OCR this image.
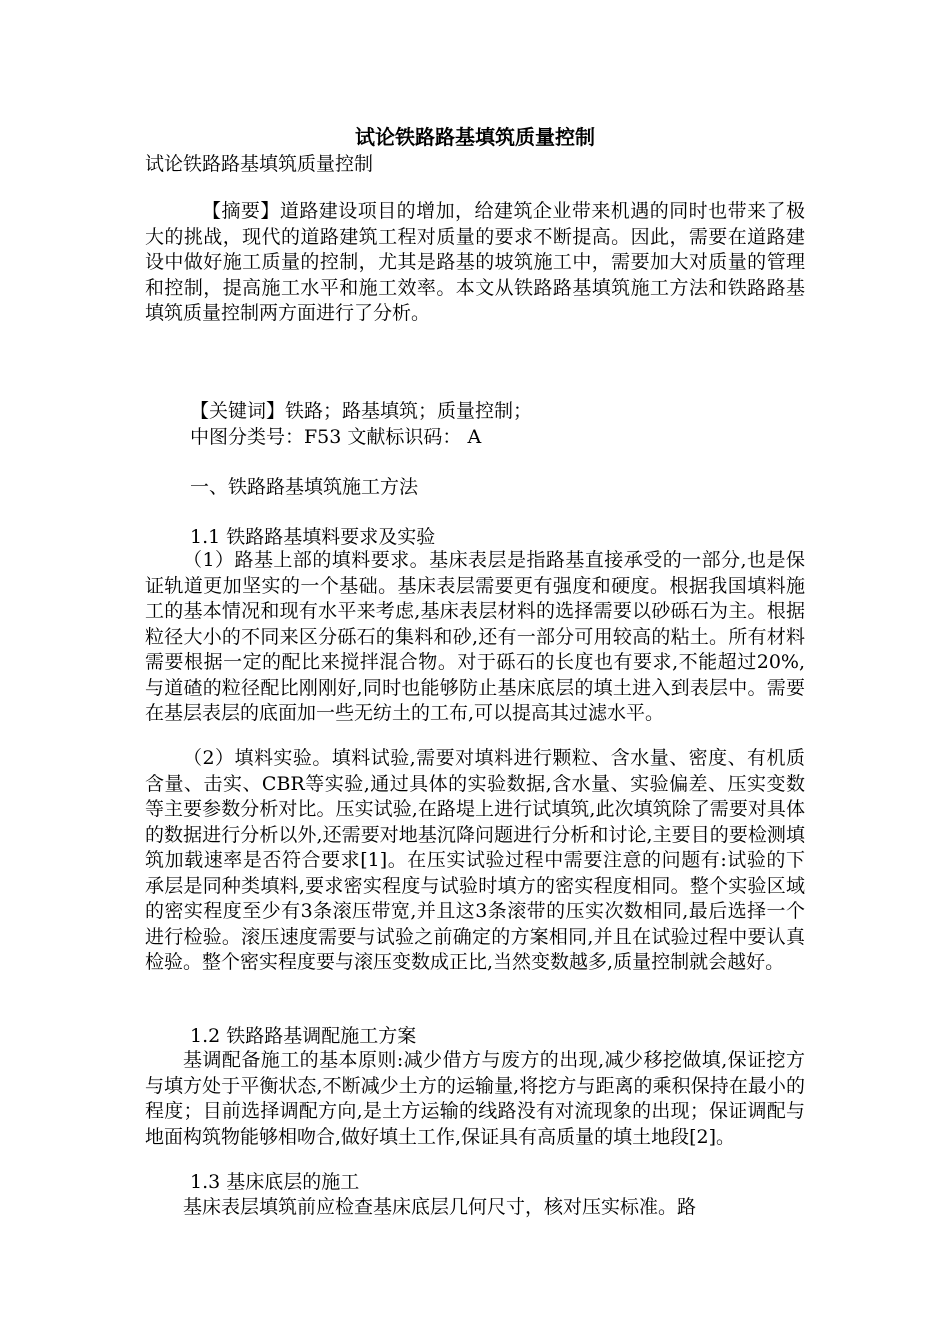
试论铁路路基填筑质量控制
试论铁路路基填筑质量控制
【摘要】道路建设项目的增加，给建筑企业带来机遇的同时也带来了极大的挑战，现代的道路建筑工程对质量的要求不断提高。因此，需要在道路建设中做好施工质量的控制，尤其是路基的坡筑施工中，需要加大对质量的管理和控制，提高施工水平和施工效率。本文从铁路路基填筑施工方法和铁路路基填筑质量控制两方面进行了分析。
【关键词】铁路；路基填筑；质量控制；
中图分类号：F53 文献标识码： A
一、铁路路基填筑施工方法
1.1 铁路路基填料要求及实验
（1）路基上部的填料要求。基床表层是指路基直接承受的一部分,也是保证轨道更加坚实的一个基础。基床表层需要更有强度和硬度。根据我国填料施工的基本情况和现有水平来考虑,基床表层材料的选择需要以砂砾石为主。根据粒径大小的不同来区分砾石的集料和砂,还有一部分可用较高的粘土。所有材料需要根据一定的配比来搅拌混合物。对于砾石的长度也有要求,不能超过20%,与道碴的粒径配比刚刚好,同时也能够防止基床底层的填土进入到表层中。需要在基层表层的底面加一些无纺土的工布,可以提高其过滤水平。
（2）填料实验。填料试验,需要对填料进行颗粒、含水量、密度、有机质含量、击实、CBR等实验,通过具体的实验数据,含水量、实验偏差、压实变数等主要参数分析对比。压实试验,在路堤上进行试填筑,此次填筑除了需要对具体的数据进行分析以外,还需要对地基沉降问题进行分析和讨论,主要目的要检测填筑加载速率是否符合要求[1]。在压实试验过程中需要注意的问题有:试验的下承层是同种类填料,要求密实程度与试验时填方的密实程度相同。整个实验区域的密实程度至少有3条滚压带宽,并且这3条滚带的压实次数相同,最后选择一个进行检验。滚压速度需要与试验之前确定的方案相同,并且在试验过程中要认真检验。整个密实程度要与滚压变数成正比,当然变数越多,质量控制就会越好。
1.2 铁路路基调配施工方案
基调配备施工的基本原则:减少借方与废方的出现,减少移挖做填,保证挖方与填方处于平衡状态,不断减少土方的运输量,将挖方与距离的乘积保持在最小的程度；目前选择调配方向,是土方运输的线路没有对流现象的出现；保证调配与地面构筑物能够相吻合,做好填土工作,保证具有高质量的填土地段[2]。
1.3 基床底层的施工
基床表层填筑前应检查基床底层几何尺寸，核对压实标准。路
